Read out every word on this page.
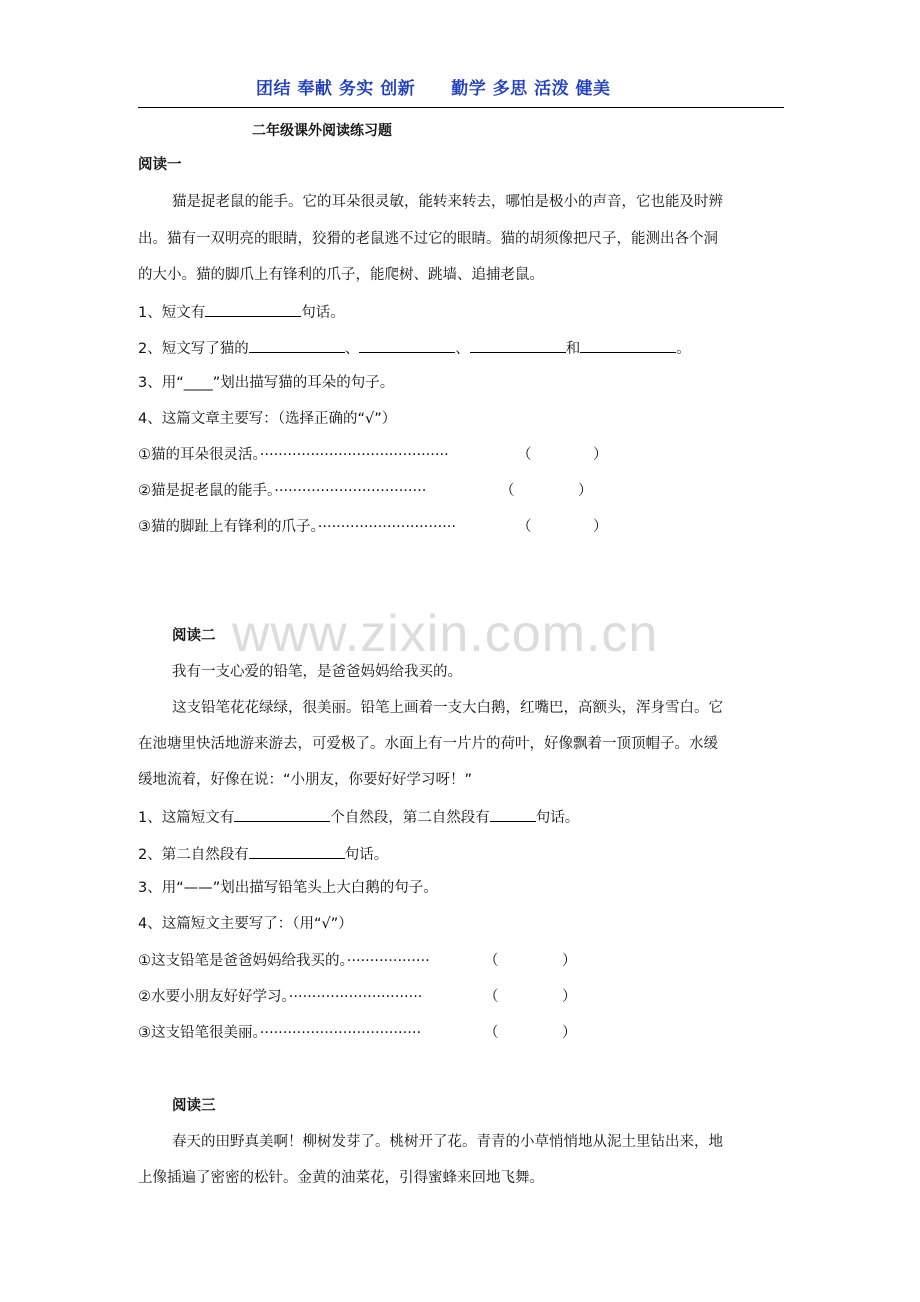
团结 奉献 务实 创新 勤学 多思 活泼 健美
www.zixin.com.cn
二年级课外阅读练习题
阅读一
猫是捉老鼠的能手。它的耳朵很灵敏，能转来转去，哪怕是极小的声音，它也能及时辨
出。猫有一双明亮的眼睛，狡猾的老鼠逃不过它的眼睛。猫的胡须像把尺子，能测出各个洞
的大小。猫的脚爪上有锋利的爪子，能爬树、跳墙、追捕老鼠。
1、短文有	句话。
2、短文写了猫的	、	、	和	。
3、用“____”划出描写猫的耳朵的句子。
4、这篇文章主要写：（选择正确的“√”）
①猫的耳朵很灵活。·········································	（	）
②猫是捉老鼠的能手。·································	（	）
③猫的脚趾上有锋利的爪子。······························	（	）
阅读二
我有一支心爱的铅笔，是爸爸妈妈给我买的。
这支铅笔花花绿绿，很美丽。铅笔上画着一支大白鹅，红嘴巴，高额头，浑身雪白。它
在池塘里快活地游来游去，可爱极了。水面上有一片片的荷叶，好像飘着一顶顶帽子。水缓
缓地流着，好像在说：“小朋友，你要好好学习呀！”
1、这篇短文有	个自然段，第二自然段有	句话。
2、第二自然段有	句话。
3、用“——”划出描写铅笔头上大白鹅的句子。
4、这篇短文主要写了：（用“√”）
①这支铅笔是爸爸妈妈给我买的。··················	（	）
②水要小朋友好好学习。·····························	（	）
③这支铅笔很美丽。···································	（	）
阅读三
春天的田野真美啊！柳树发芽了。桃树开了花。青青的小草悄悄地从泥土里钻出来，地
上像插遍了密密的松针。金黄的油菜花，引得蜜蜂来回地飞舞。
